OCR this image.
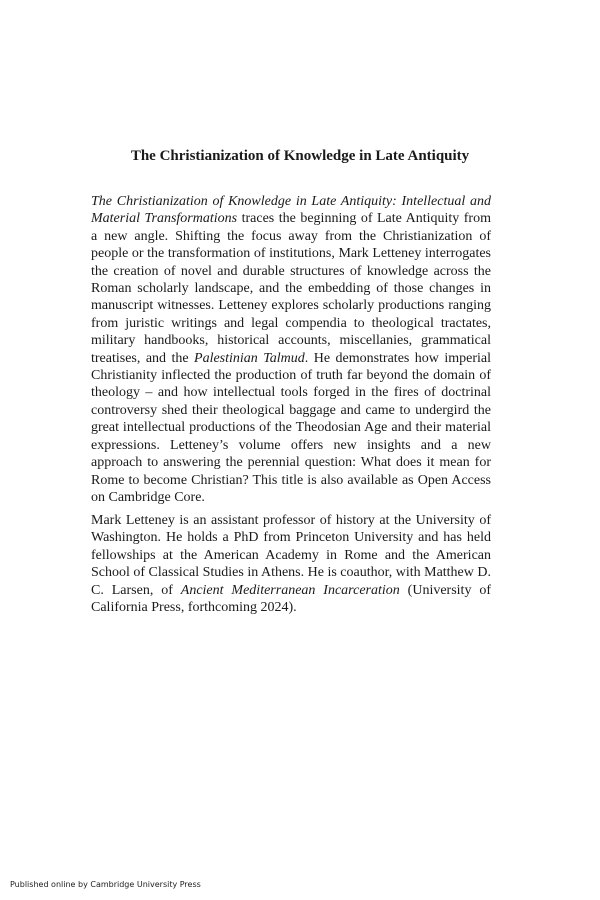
The Christianization of Knowledge in Late Antiquity

The Christianization of Knowledge in Late Antiquity: Intellectual and Material Transformations traces the beginning of Late Antiquity from a new angle. Shifting the focus away from the Christianization of people or the transformation of institutions, Mark Letteney interrogates the creation of novel and durable structures of knowledge across the Roman scholarly landscape, and the embedding of those changes in manuscript witnesses. Letteney explores scholarly productions ranging from juristic writings and legal compendia to theological tractates, military handbooks, historical accounts, miscellanies, grammatical treatises, and the Palestinian Talmud. He demonstrates how imperial Christianity inflected the production of truth far beyond the domain of theology – and how intellectual tools forged in the fires of doctrinal controversy shed their theological baggage and came to undergird the great intellectual productions of the Theodosian Age and their material expressions. Letteney’s volume offers new insights and a new approach to answering the perennial question: What does it mean for Rome to become Christian? This title is also available as Open Access on Cambridge Core.

Mark Letteney is an assistant professor of history at the University of Washington. He holds a PhD from Princeton University and has held fellowships at the American Academy in Rome and the American School of Classical Studies in Athens. He is coauthor, with Matthew D. C. Larsen, of Ancient Mediterranean Incarceration (University of California Press, forthcoming 2024).

Published online by Cambridge University Press
